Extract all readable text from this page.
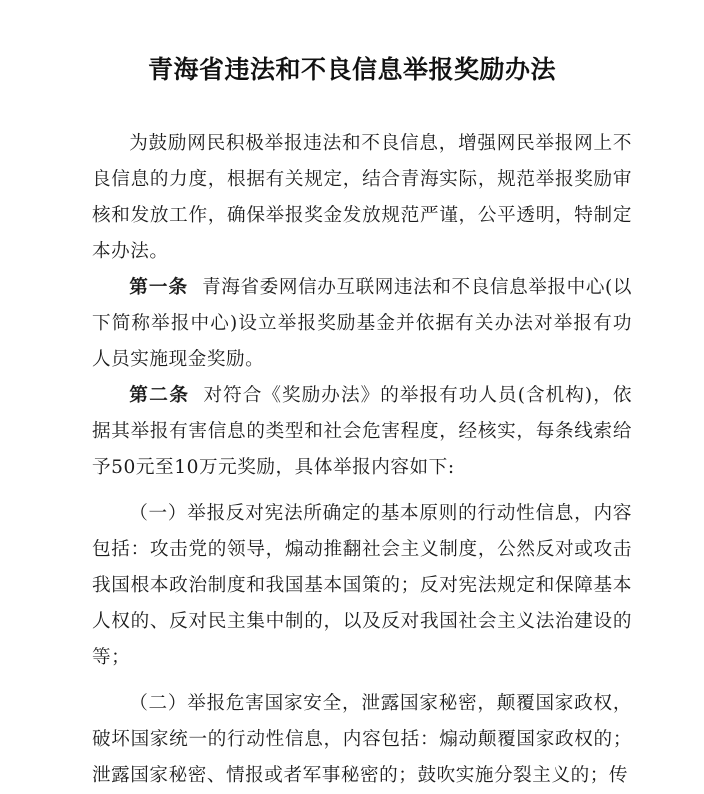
青海省违法和不良信息举报奖励办法

为鼓励网民积极举报违法和不良信息，增强网民举报网上不良信息的力度，根据有关规定，结合青海实际，规范举报奖励审核和发放工作，确保举报奖金发放规范严谨，公平透明，特制定本办法。

第一条 青海省委网信办互联网违法和不良信息举报中心(以下简称举报中心)设立举报奖励基金并依据有关办法对举报有功人员实施现金奖励。

第二条 对符合《奖励办法》的举报有功人员(含机构)，依据其举报有害信息的类型和社会危害程度，经核实，每条线索给予50元至10万元奖励，具体举报内容如下:

（一）举报反对宪法所确定的基本原则的行动性信息，内容包括：攻击党的领导，煽动推翻社会主义制度，公然反对或攻击我国根本政治制度和我国基本国策的；反对宪法规定和保障基本人权的、反对民主集中制的，以及反对我国社会主义法治建设的等；

（二）举报危害国家安全，泄露国家秘密，颠覆国家政权，破坏国家统一的行动性信息，内容包括：煽动颠覆国家政权的；泄露国家秘密、情报或者军事秘密的；鼓吹实施分裂主义的；传
